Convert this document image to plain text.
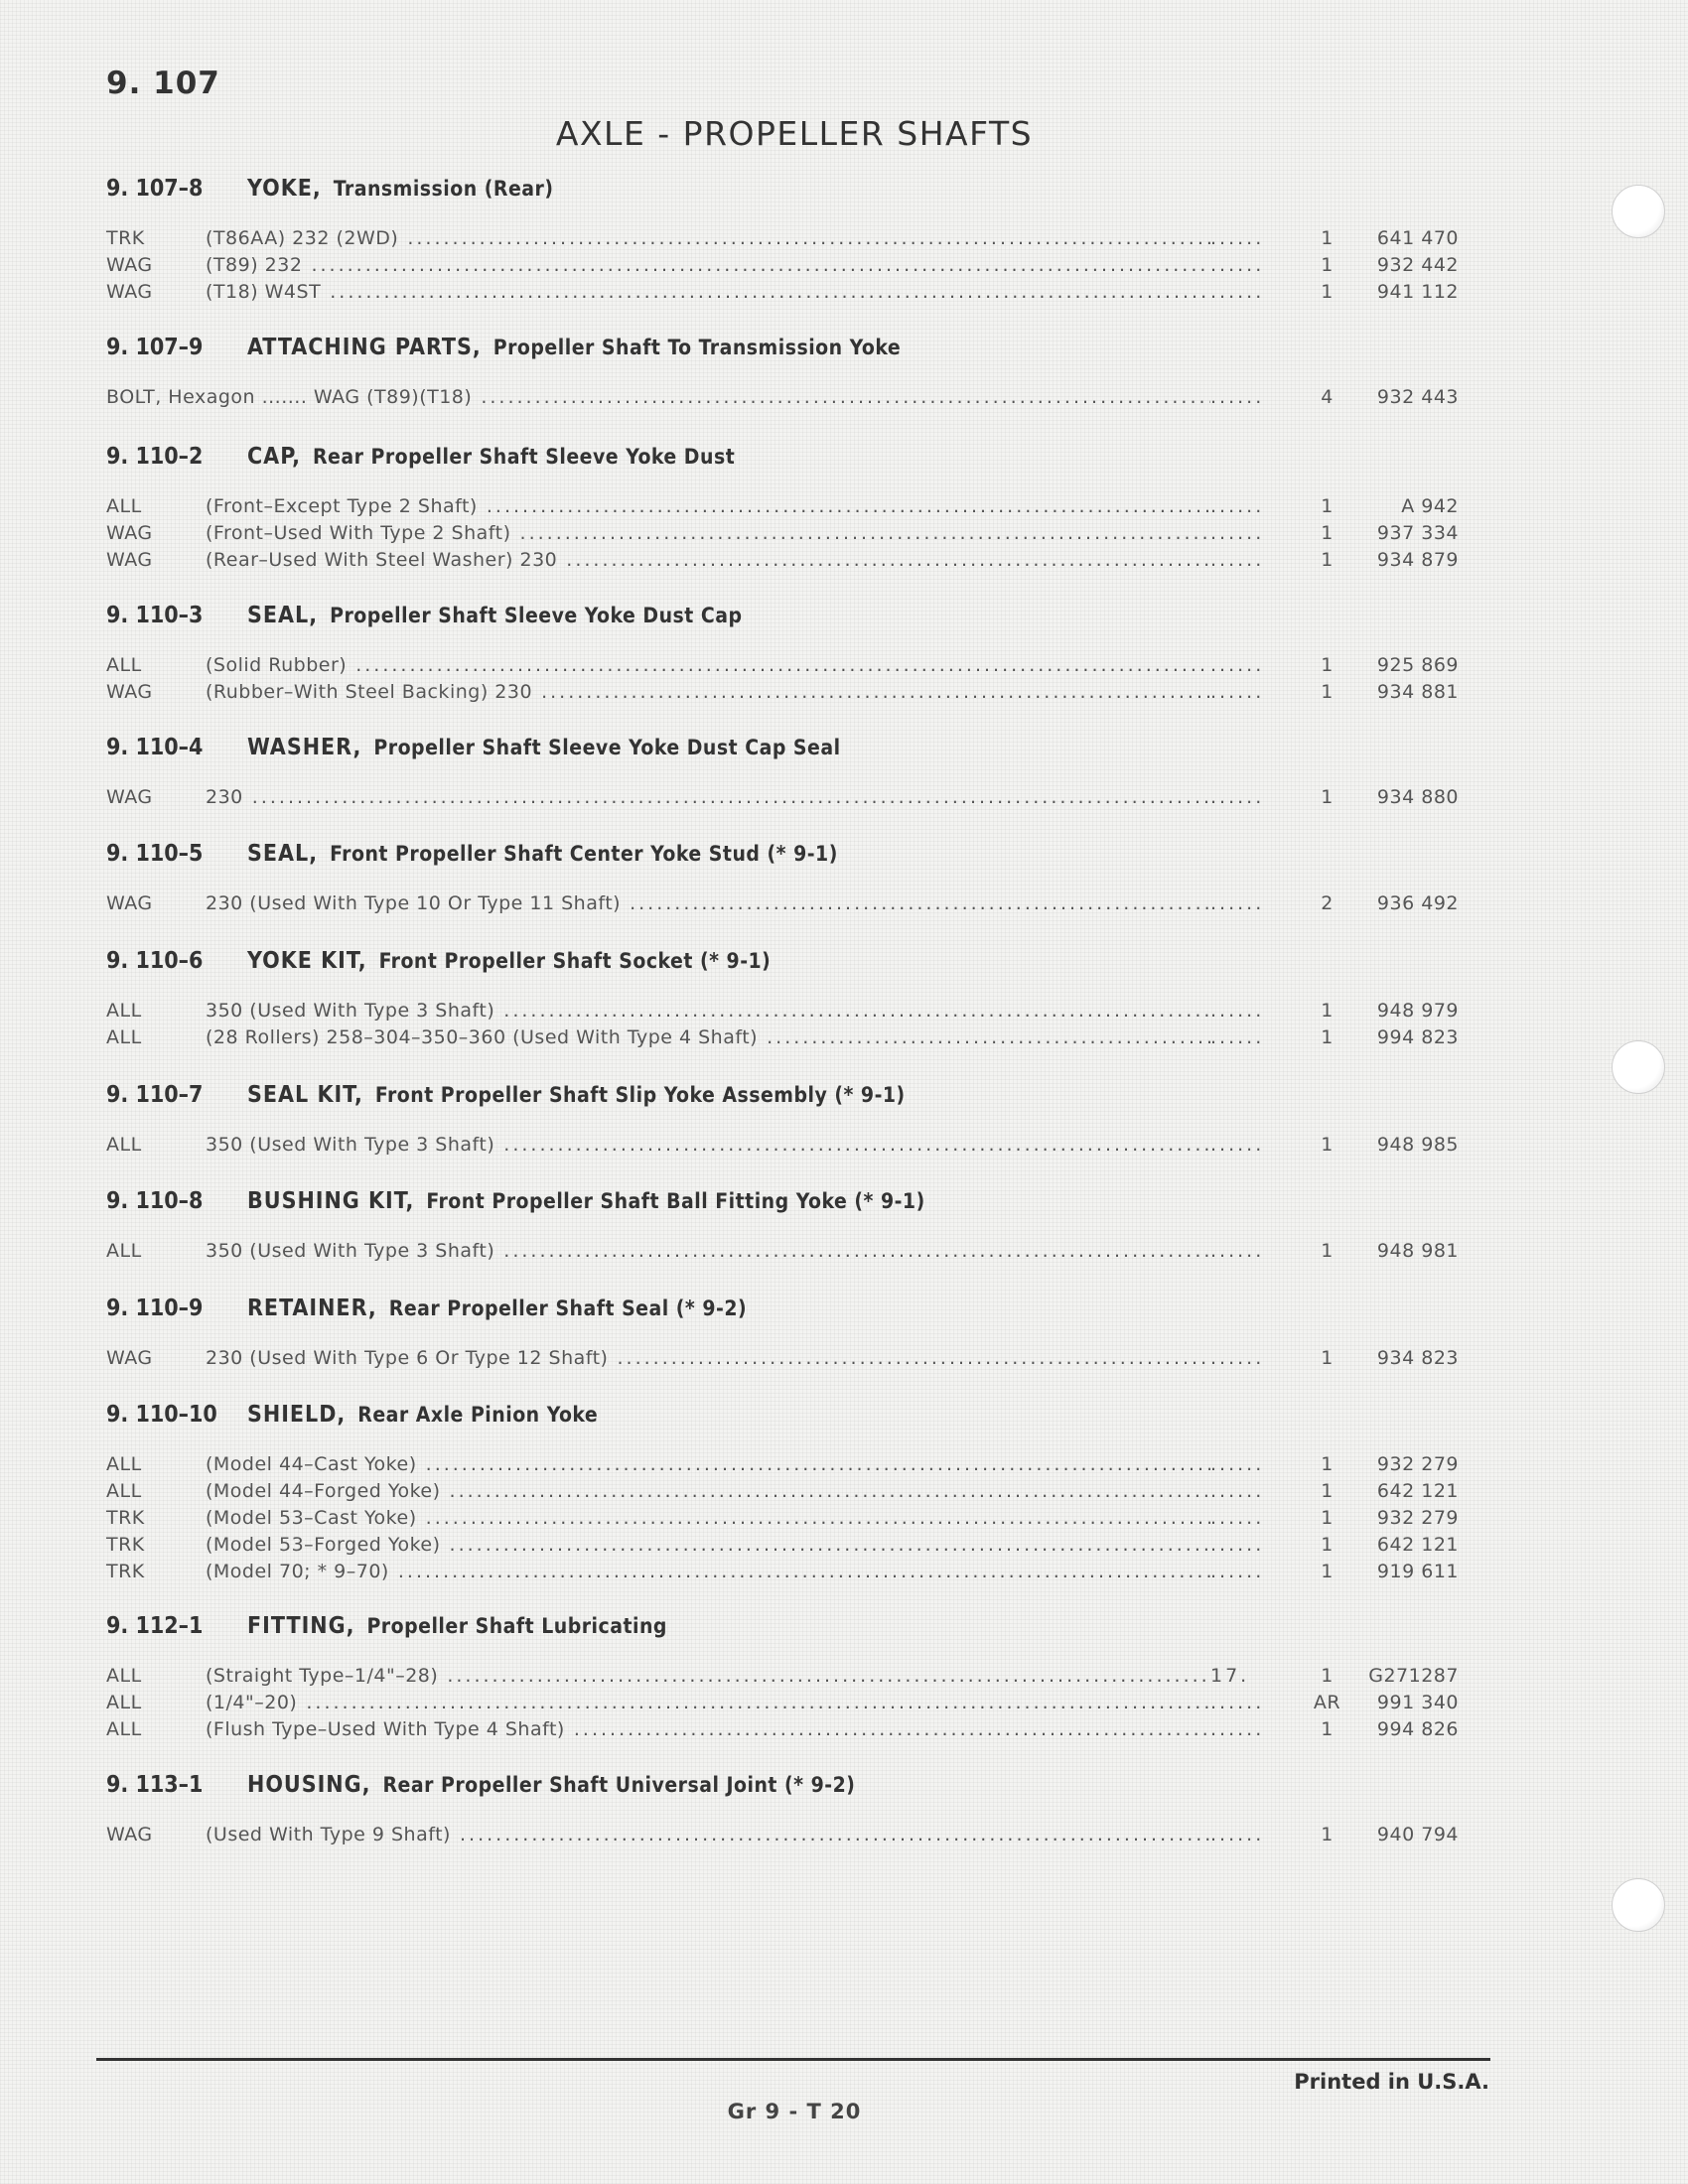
9. 107
AXLE - PROPELLER SHAFTS
9. 107–8	YOKE, Transmission (Rear)
TRK	(T86AA) 232 (2WD) .....	......	1	641 470
WAG	(T89) 232 .....	......	1	932 442
WAG	(T18) W4ST .....	......	1	941 112
9. 107–9	ATTACHING PARTS, Propeller Shaft To Transmission Yoke
BOLT, Hexagon ....... WAG (T89)(T18) .....	......	4	932 443
9. 110–2	CAP, Rear Propeller Shaft Sleeve Yoke Dust
ALL	(Front–Except Type 2 Shaft) .....	......	1	A 942
WAG	(Front–Used With Type 2 Shaft) .....	......	1	937 334
WAG	(Rear–Used With Steel Washer) 230 .....	......	1	934 879
9. 110–3	SEAL, Propeller Shaft Sleeve Yoke Dust Cap
ALL	(Solid Rubber) .....	......	1	925 869
WAG	(Rubber–With Steel Backing) 230 .....	......	1	934 881
9. 110–4	WASHER, Propeller Shaft Sleeve Yoke Dust Cap Seal
WAG	230 .....	......	1	934 880
9. 110–5	SEAL, Front Propeller Shaft Center Yoke Stud (* 9-1)
WAG	230 (Used With Type 10 Or Type 11 Shaft) .....	......	2	936 492
9. 110–6	YOKE KIT, Front Propeller Shaft Socket (* 9-1)
ALL	350 (Used With Type 3 Shaft) .....	......	1	948 979
ALL	(28 Rollers) 258–304–350–360 (Used With Type 4 Shaft) .....	......	1	994 823
9. 110–7	SEAL KIT, Front Propeller Shaft Slip Yoke Assembly (* 9-1)
ALL	350 (Used With Type 3 Shaft) .....	......	1	948 985
9. 110–8	BUSHING KIT, Front Propeller Shaft Ball Fitting Yoke (* 9-1)
ALL	350 (Used With Type 3 Shaft) .....	......	1	948 981
9. 110–9	RETAINER, Rear Propeller Shaft Seal (* 9-2)
WAG	230 (Used With Type 6 Or Type 12 Shaft) .....	......	1	934 823
9. 110–10	SHIELD, Rear Axle Pinion Yoke
ALL	(Model 44–Cast Yoke) .....	......	1	932 279
ALL	(Model 44–Forged Yoke) .....	......	1	642 121
TRK	(Model 53–Cast Yoke) .....	......	1	932 279
TRK	(Model 53–Forged Yoke) .....	......	1	642 121
TRK	(Model 70; * 9–70) .....	......	1	919 611
9. 112–1	FITTING, Propeller Shaft Lubricating
ALL	(Straight Type–1/4"–28) .....	17.	1	G271287
ALL	(1/4"–20) .....	......	AR	991 340
ALL	(Flush Type–Used With Type 4 Shaft) .....	......	1	994 826
9. 113–1	HOUSING, Rear Propeller Shaft Universal Joint (* 9-2)
WAG	(Used With Type 9 Shaft) .....	......	1	940 794
Printed in U.S.A.
Gr 9 - T 20
